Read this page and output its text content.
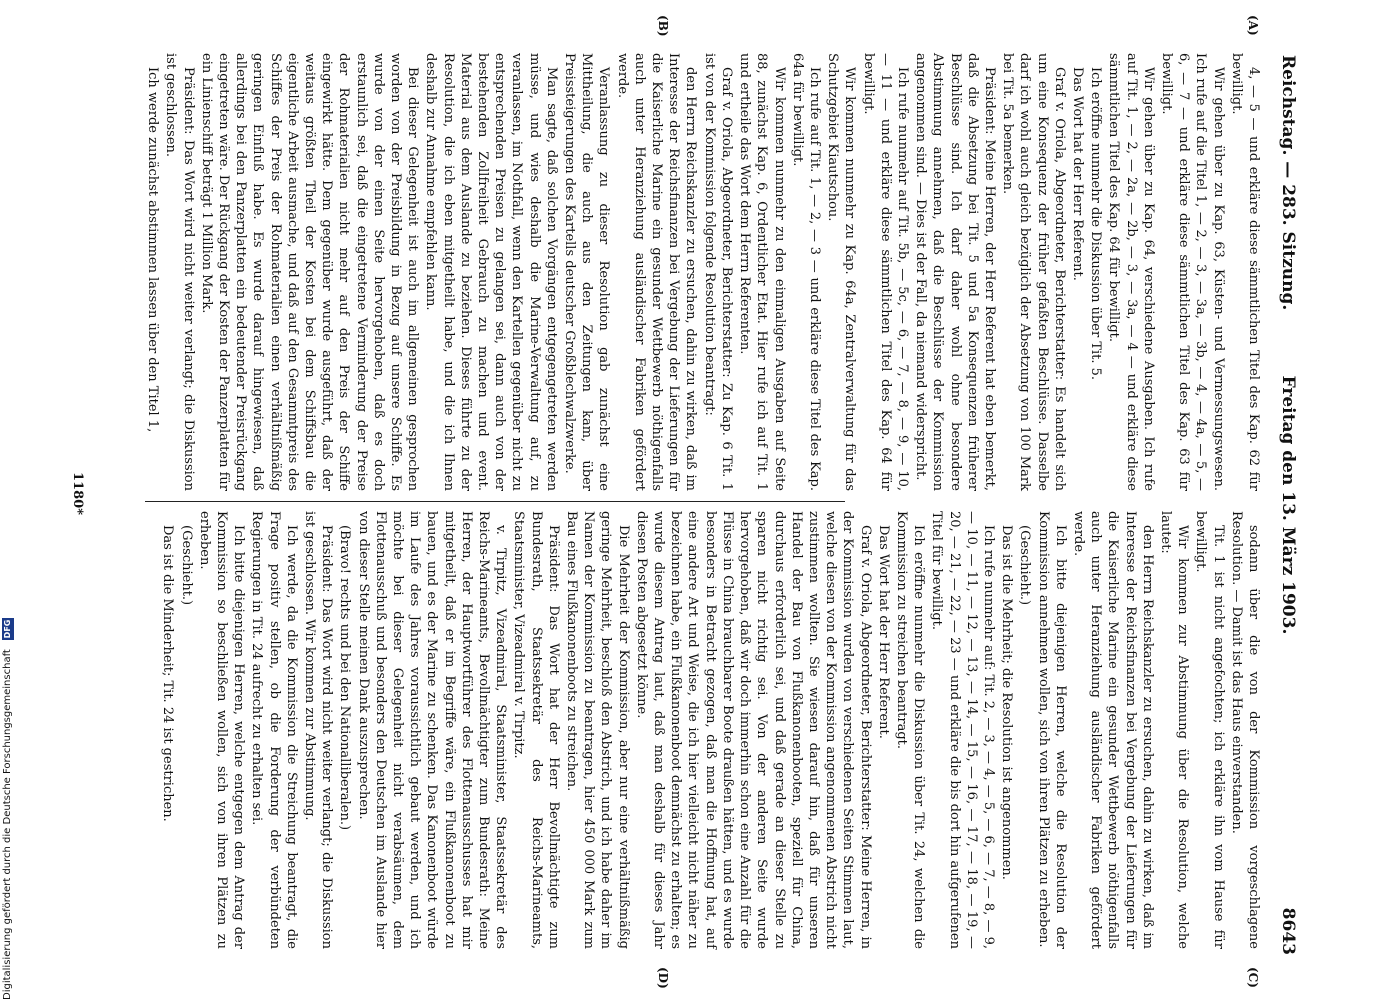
Reichstag. — 283. Sitzung.
Freitag den 13. März 1903.
8643
(A)
(B)
(C)
(D)

4, — 5 — und erkläre diese sämmtlichen Titel des Kap. 62 für bewilligt.

Wir gehen über zu Kap. 63, Küsten- und Vermessungswesen. Ich rufe auf die Titel 1, — 2, — 3, — 3a, — 3b, — 4, — 4a, — 5, — 6, — 7 — und erkläre diese sämmtlichen Titel des Kap. 63 für bewilligt.

Wir gehen über zu Kap. 64, verschiedene Ausgaben. Ich rufe auf Tit. 1, — 2, — 2a, — 2b, — 3, — 3a, — 4 — und erkläre diese sämmtlichen Titel des Kap. 64 für bewilligt.

Ich eröffne nunmehr die Diskussion über Tit. 5.

Das Wort hat der Herr Referent.

Graf v. Oriola, Abgeordneter, Berichterstatter: Es handelt sich um eine Konsequenz der früher gefaßten Beschlüsse. Dasselbe darf ich wohl auch gleich bezüglich der Absetzung von 100 Mark bei Tit. 5a bemerken.

Präsident: Meine Herren, der Herr Referent hat eben bemerkt, daß die Absetzung bei Tit. 5 und 5a Konsequenzen früherer Beschlüsse sind. Ich darf daher wohl ohne besondere Abstimmung annehmen, daß die Beschlüsse der Kommission angenommen sind. — Dies ist der Fall, da niemand widerspricht.

Ich rufe nunmehr auf Tit. 5b, — 5c, — 6, — 7, — 8, — 9, — 10, — 11 — und erkläre diese sämmtlichen Titel des Kap. 64 für bewilligt.

Wir kommen nunmehr zu Kap. 64a, Zentralverwaltung für das Schutzgebiet Kiautschou.

Ich rufe auf Tit. 1, — 2, — 3 — und erkläre diese Titel des Kap. 64a für bewilligt.

Wir kommen nunmehr zu den einmaligen Ausgaben auf Seite 88, zunächst Kap. 6, Ordentlicher Etat. Hier rufe ich auf Tit. 1 und ertheile das Wort dem Herrn Referenten.

Graf v. Oriola, Abgeordneter, Berichterstatter: Zu Kap. 6 Tit. 1 ist von der Kommission folgende Resolution beantragt:

den Herrn Reichskanzler zu ersuchen, dahin zu wirken, daß im Interesse der Reichsfinanzen bei Vergebung der Lieferungen für die Kaiserliche Marine ein gesunder Wettbewerb nöthigenfalls auch unter Heranziehung ausländischer Fabriken gefördert werde.

Veranlassung zu dieser Resolution gab zunächst eine Mittheilung, die auch aus den Zeitungen kam, über Preissteigerungen des Kartells deutscher Großblechwalzwerke.

Man sagte, daß solchen Vorgängen entgegengetreten werden müsse, und wies deshalb die Marine-Verwaltung auf, zu veranlassen, im Nothfall, wenn den Kartellen gegenüber nicht zu entsprechenden Preisen zu gelangen sei, dann auch von der bestehenden Zollfreiheit Gebrauch zu machen und event. Material aus dem Auslande zu beziehen. Dieses führte zu der Resolution, die ich eben mitgetheilt habe, und die ich Ihnen deshalb zur Annahme empfehlen kann.

Bei dieser Gelegenheit ist auch im allgemeinen gesprochen worden von der Preisbildung in Bezug auf unsere Schiffe. Es wurde von der einen Seite hervorgehoben, daß es doch erstaunlich sei, daß die eingetretene Verminderung der Preise der Rohmaterialien nicht mehr auf den Preis der Schiffe eingewirkt hätte. Dem gegenüber wurde ausgeführt, daß der weitaus größten Theil der Kosten bei dem Schiffsbau die eigentliche Arbeit ausmache, und daß auf den Gesammtpreis des Schiffes der Preis der Rohmaterialien einen verhältnißmäßig geringen Einfluß habe. Es wurde darauf hingewiesen, daß allerdings bei den Panzerplatten ein bedeutender Preisrückgang eingetreten wäre. Der Rückgang der Kosten der Panzerplatten für ein Linienschiff beträgt 1 Million Mark.

Präsident: Das Wort wird nicht weiter verlangt; die Diskussion ist geschlossen.

Ich werde zunächst abstimmen lassen über den Titel 1,

sodann über die von der Kommission vorgeschlagene Resolution. — Damit ist das Haus einverstanden.

Tit. 1 ist nicht angefochten; ich erkläre ihn vom Hause für bewilligt.

Wir kommen zur Abstimmung über die Resolution, welche lautet:

den Herrn Reichskanzler zu ersuchen, dahin zu wirken, daß im Interesse der Reichsfinanzen bei Vergebung der Lieferungen für die Kaiserliche Marine ein gesunder Wettbewerb nöthigenfalls auch unter Heranziehung ausländischer Fabriken gefördert werde.

Ich bitte diejenigen Herren, welche die Resolution der Kommission annehmen wollen, sich von ihren Plätzen zu erheben.

(Geschieht.)

Das ist die Mehrheit; die Resolution ist angenommen.

Ich rufe nunmehr auf: Tit. 2, — 3, — 4, — 5, — 6, — 7, — 8, — 9, — 10, — 11, — 12, — 13, — 14, — 15, — 16, — 17, — 18, — 19, — 20, — 21, — 22, — 23 — und erkläre die bis dort hin aufgerufenen Titel für bewilligt.

Ich eröffne nunmehr die Diskussion über Tit. 24, welchen die Kommission zu streichen beantragt.

Das Wort hat der Herr Referent.

Graf v. Oriola, Abgeordneter, Berichterstatter: Meine Herren, in der Kommission wurden von verschiedenen Seiten Stimmen laut, welche diesen von der Kommission angenommenen Abstrich nicht zustimmen wollten. Sie wiesen darauf hin, daß für unseren Handel der Bau von Flußkanonenbooten, speziell für China, durchaus erforderlich sei, und daß gerade an dieser Stelle zu sparen nicht richtig sei. Von der anderen Seite wurde hervorgehoben, daß wir doch immerhin schon eine Anzahl für die Flüsse in China brauchbarer Boote draußen hätten, und es wurde besonders in Betracht gezogen, daß man die Hoffnung hat, auf eine andere Art und Weise, die ich hier vielleicht nicht näher zu bezeichnen habe, ein Flußkanonenboot demnächst zu erhalten; es wurde diesem Antrag laut, daß man deshalb für dieses Jahr diesen Posten abgesetzt könne.

Die Mehrheit der Kommission, aber nur eine verhältnißmäßig geringe Mehrheit, beschloß den Abstrich, und ich habe daher im Namen der Kommission zu beantragen, hier 450 000 Mark zum Bau eines Flußkanonenboots zu streichen.

Präsident: Das Wort hat der Herr Bevollmächtigte zum Bundesrath, Staatssekretär des Reichs-Marineamts, Staatsminister, Vizeadmiral v. Tirpitz.

v. Tirpitz, Vizeadmiral, Staatsminister, Staatssekretär des Reichs-Marineamts, Bevollmächtigter zum Bundesrath: Meine Herren, der Hauptwortführer des Flottenausschusses hat mir mitgetheilt, daß er im Begriffe wäre, ein Flußkanonenboot zu bauen, und es der Marine zu schenken. Das Kanonenboot würde im Laufe des Jahres voraussichtlich gebaut werden, und ich möchte bei dieser Gelegenheit nicht verabsäumen, dem Flottenausschuß und besonders den Deutschen im Auslande hier von dieser Stelle meinen Dank auszusprechen.

(Bravo! rechts und bei den Nationalliberalen.)

Präsident: Das Wort wird nicht weiter verlangt; die Diskussion ist geschlossen. Wir kommen zur Abstimmung.

Ich werde, da die Kommission die Streichung beantragt, die Frage positiv stellen, ob die Forderung der verbündeten Regierungen in Tit. 24 aufrecht zu erhalten sei.

Ich bitte diejenigen Herren, welche entgegen dem Antrag der Kommission so beschließen wollen, sich von ihren Plätzen zu erheben.

(Geschieht.)

Das ist die Minderheit; Tit. 24 ist gestrichen.

1180*
Digitalisierung gefördert durch die Deutsche Forschungsgemeinschaft DFG
